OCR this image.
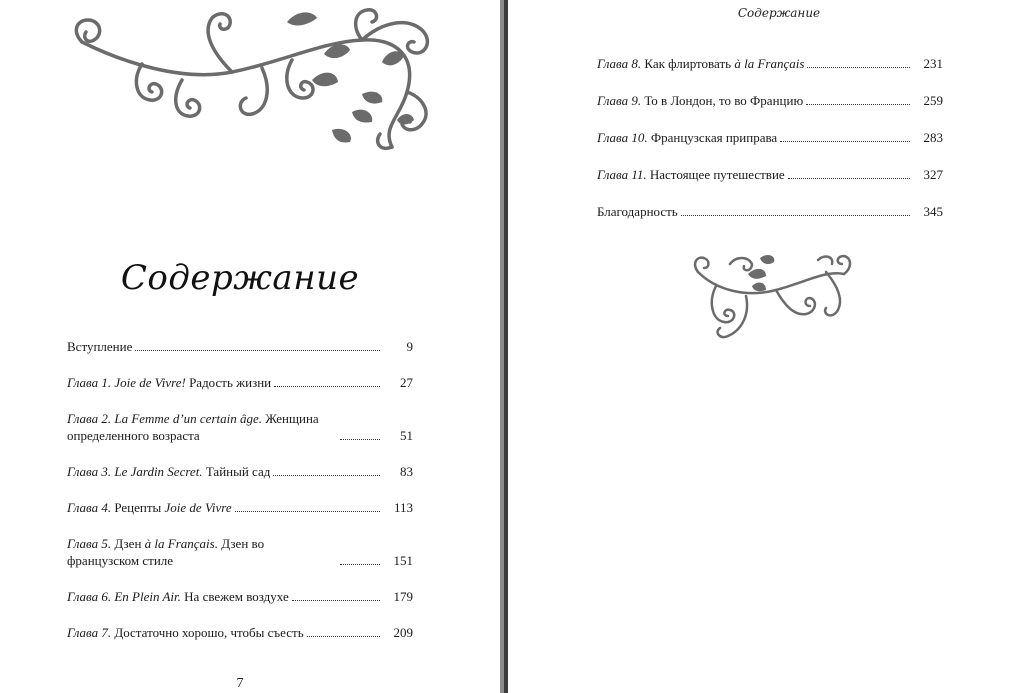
Содержание
Вступление	9
Глава 1. Joie de Vivre! Радость жизни	27
Глава 2. La Femme d’un certain âge. Женщина определенного возраста	51
Глава 3. Le Jardin Secret. Тайный сад	83
Глава 4. Рецепты Joie de Vivre	113
Глава 5. Дзен à la Français. Дзен во французском стиле	151
Глава 6. En Plein Air. На свежем воздухе	179
Глава 7. Достаточно хорошо, чтобы съесть	209
7
Содержание
Глава 8. Как флиртовать à la Français	231
Глава 9. То в Лондон, то во Францию	259
Глава 10. Французская приправа	283
Глава 11. Настоящее путешествие	327
Благодарность	345
